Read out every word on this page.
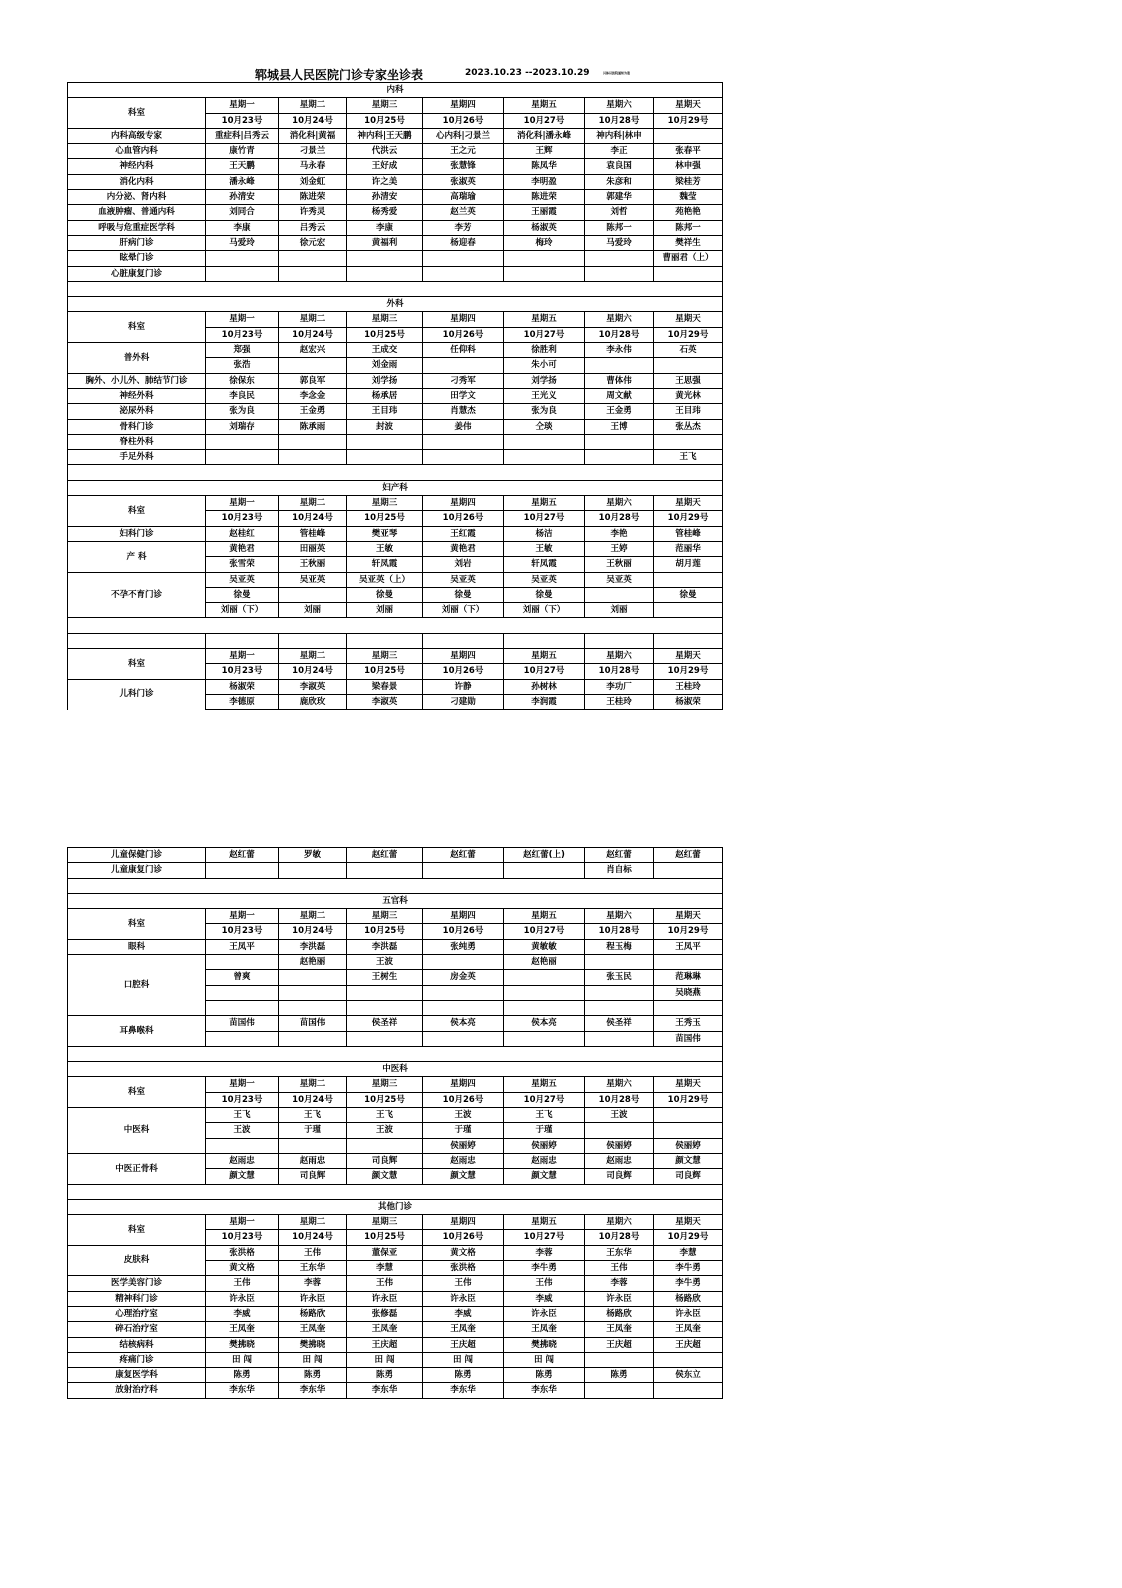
郓城县人民医院门诊专家坐诊表	2023.10.23 --2023.10.29	具体以医院通知为准
内科							
科室	星期一	星期二	星期三	星期四	星期五	星期六	星期天
	10月23号	10月24号	10月25号	10月26号	10月27号	10月28号	10月29号
内科高级专家	重症科|吕秀云	消化科|黄福	神内科|王天鹏	心内科|刁景兰	消化科|潘永峰	神内科|林申	
心血管内科	康竹青	刁景兰	代洪云	王之元	王辉	李正	张春平
神经内科	王天鹏	马永春	王好成	张慧锋	陈凤华	袁良国	林申强
消化内科	潘永峰	刘金虹	许之美	张淑英	李明盈	朱彦和	梁桂芳
内分泌、肾内科	孙清安	陈进荣	孙清安	高瑞瑜	陈进荣	郭建华	魏莹
血液肿瘤、普通内科	刘同合	许秀灵	杨秀爱	赵兰英	王丽霞	刘哲	苑艳艳
呼吸与危重症医学科	李康	吕秀云	李康	李芳	杨淑英	陈邦一	陈邦一
肝病门诊	马爱玲	徐元宏	黄福利	杨迎春	梅玲	马爱玲	樊祥生
眩晕门诊							曹丽君（上）
心脏康复门诊							

外科							
科室	星期一	星期二	星期三	星期四	星期五	星期六	星期天
	10月23号	10月24号	10月25号	10月26号	10月27号	10月28号	10月29号
普外科	郑强	赵宏兴	王成交	任仰科	徐胜利	李永伟	石英
	张浩		刘金雨		朱小可		
胸外、小儿外、肺结节门诊	徐保东	郭良军	刘学扬	刁秀军	刘学扬	曹体伟	王思强
神经外科	李良民	李念金	杨承居	田学文	王光义	周文献	黄光林
泌尿外科	张为良	王金勇	王目玮	肖慧杰	张为良	王金勇	王目玮
骨科门诊	刘瑞存	陈承雨	封波	姜伟	仝琰	王博	张丛杰
脊柱外科							
手足外科							王飞

妇产科							
科室	星期一	星期二	星期三	星期四	星期五	星期六	星期天
	10月23号	10月24号	10月25号	10月26号	10月27号	10月28号	10月29号
妇科门诊	赵桂红	管桂峰	樊亚琴	王红霞	杨洁	李艳	管桂峰
产 科	黄艳君	田丽英	王敏	黄艳君	王敏	王婷	范丽华
	张雪荣	王秋丽	轩凤霞	刘岩	轩凤霞	王秋丽	胡月莲
不孕不育门诊	吴亚英	吴亚英	吴亚英（上）	吴亚英	吴亚英	吴亚英	
	徐曼		徐曼	徐曼	徐曼		徐曼
	刘丽（下）	刘丽	刘丽	刘丽（下）	刘丽（下）	刘丽	

科室	星期一	星期二	星期三	星期四	星期五	星期六	星期天
	10月23号	10月24号	10月25号	10月26号	10月27号	10月28号	10月29号
儿科门诊	杨淑荣	李淑英	梁春景	许静	孙树林	李功厂	王桂玲
	李德原	鹿欣玫	李淑英	刁建勋	李润霞	王桂玲	杨淑荣
儿童保健门诊	赵红蕾	罗敏	赵红蕾	赵红蕾	赵红蕾(上)	赵红蕾	赵红蕾
儿童康复门诊						肖自标	

五官科							
科室	星期一	星期二	星期三	星期四	星期五	星期六	星期天
	10月23号	10月24号	10月25号	10月26号	10月27号	10月28号	10月29号
眼科	王凤平	李洪磊	李洪磊	张纯勇	黄敏敏	程玉梅	王凤平
口腔科		赵艳丽	王波		赵艳丽		
	曾爽		王树生	房金英		张玉民	范琳琳
							吴晓燕

耳鼻喉科	苗国伟	苗国伟	侯圣祥	侯本亮	侯本亮	侯圣祥	王秀玉
							苗国伟

中医科							
科室	星期一	星期二	星期三	星期四	星期五	星期六	星期天
	10月23号	10月24号	10月25号	10月26号	10月27号	10月28号	10月29号
中医科	王飞	王飞	王飞	王波	王飞	王波	
	王波	于瑾	王波	于瑾	于瑾		
				侯丽婷	侯丽婷	侯丽婷	侯丽婷
中医正骨科	赵雨忠	赵雨忠	司良辉	赵雨忠	赵雨忠	赵雨忠	颜文慧
	颜文慧	司良辉	颜文慧	颜文慧	颜文慧	司良辉	司良辉

其他门诊							
科室	星期一	星期二	星期三	星期四	星期五	星期六	星期天
	10月23号	10月24号	10月25号	10月26号	10月27号	10月28号	10月29号
皮肤科	张洪格	王伟	董保亚	黄文格	李蓉	王东华	李慧
	黄文格	王东华	李慧	张洪格	李牛勇	王伟	李牛勇
医学美容门诊	王伟	李蓉	王伟	王伟	王伟	李蓉	李牛勇
精神科门诊	许永臣	许永臣	许永臣	许永臣	李威	许永臣	杨路欣
心理治疗室	李威	杨路欣	张修磊	李威	许永臣	杨路欣	许永臣
碎石治疗室	王凤奎	王凤奎	王凤奎	王凤奎	王凤奎	王凤奎	王凤奎
结核病科	樊拂晓	樊拂晓	王庆超	王庆超	樊拂晓	王庆超	王庆超
疼痛门诊	田 闯	田 闯	田 闯	田 闯	田 闯		
康复医学科	陈勇	陈勇	陈勇	陈勇	陈勇	陈勇	侯东立
放射治疗科	李东华	李东华	李东华	李东华	李东华		
